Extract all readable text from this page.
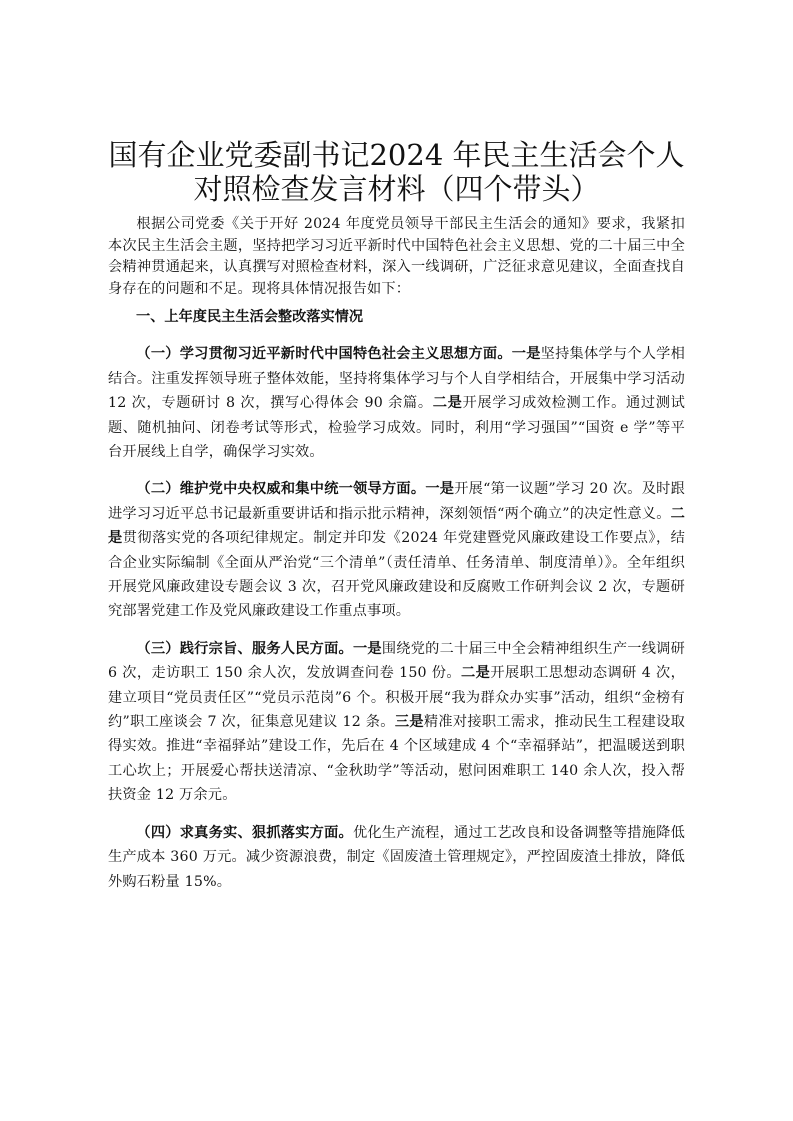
国有企业党委副书记2024 年民主生活会个人
对照检查发言材料（四个带头）

根据公司党委《关于开好 2024 年度党员领导干部民主生活会的通知》要求，我紧扣本次民主生活会主题，坚持把学习习近平新时代中国特色社会主义思想、党的二十届三中全会精神贯通起来，认真撰写对照检查材料，深入一线调研，广泛征求意见建议，全面查找自身存在的问题和不足。现将具体情况报告如下：

一、上年度民主生活会整改落实情况

（一）学习贯彻习近平新时代中国特色社会主义思想方面。一是坚持集体学与个人学相结合。注重发挥领导班子整体效能，坚持将集体学习与个人自学相结合，开展集中学习活动 12 次，专题研讨 8 次，撰写心得体会 90 余篇。二是开展学习成效检测工作。通过测试题、随机抽问、闭卷考试等形式，检验学习成效。同时，利用“学习强国”“国资 e 学”等平台开展线上自学，确保学习实效。

（二）维护党中央权威和集中统一领导方面。一是开展“第一议题”学习 20 次。及时跟进学习习近平总书记最新重要讲话和指示批示精神，深刻领悟“两个确立”的决定性意义。二是贯彻落实党的各项纪律规定。制定并印发《2024 年党建暨党风廉政建设工作要点》，结合企业实际编制《全面从严治党“三个清单”（责任清单、任务清单、制度清单）》。全年组织开展党风廉政建设专题会议 3 次，召开党风廉政建设和反腐败工作研判会议 2 次，专题研究部署党建工作及党风廉政建设工作重点事项。

（三）践行宗旨、服务人民方面。一是围绕党的二十届三中全会精神组织生产一线调研 6 次，走访职工 150 余人次，发放调查问卷 150 份。二是开展职工思想动态调研 4 次，建立项目“党员责任区”“党员示范岗”6 个。积极开展“我为群众办实事”活动，组织“金榜有约”职工座谈会 7 次，征集意见建议 12 条。三是精准对接职工需求，推动民生工程建设取得实效。推进“幸福驿站”建设工作，先后在 4 个区域建成 4 个“幸福驿站”，把温暖送到职工心坎上；开展爱心帮扶送清凉、“金秋助学”等活动，慰问困难职工 140 余人次，投入帮扶资金 12 万余元。

（四）求真务实、狠抓落实方面。优化生产流程，通过工艺改良和设备调整等措施降低生产成本 360 万元。减少资源浪费，制定《固废渣土管理规定》，严控固废渣土排放，降低外购石粉量 15%。
